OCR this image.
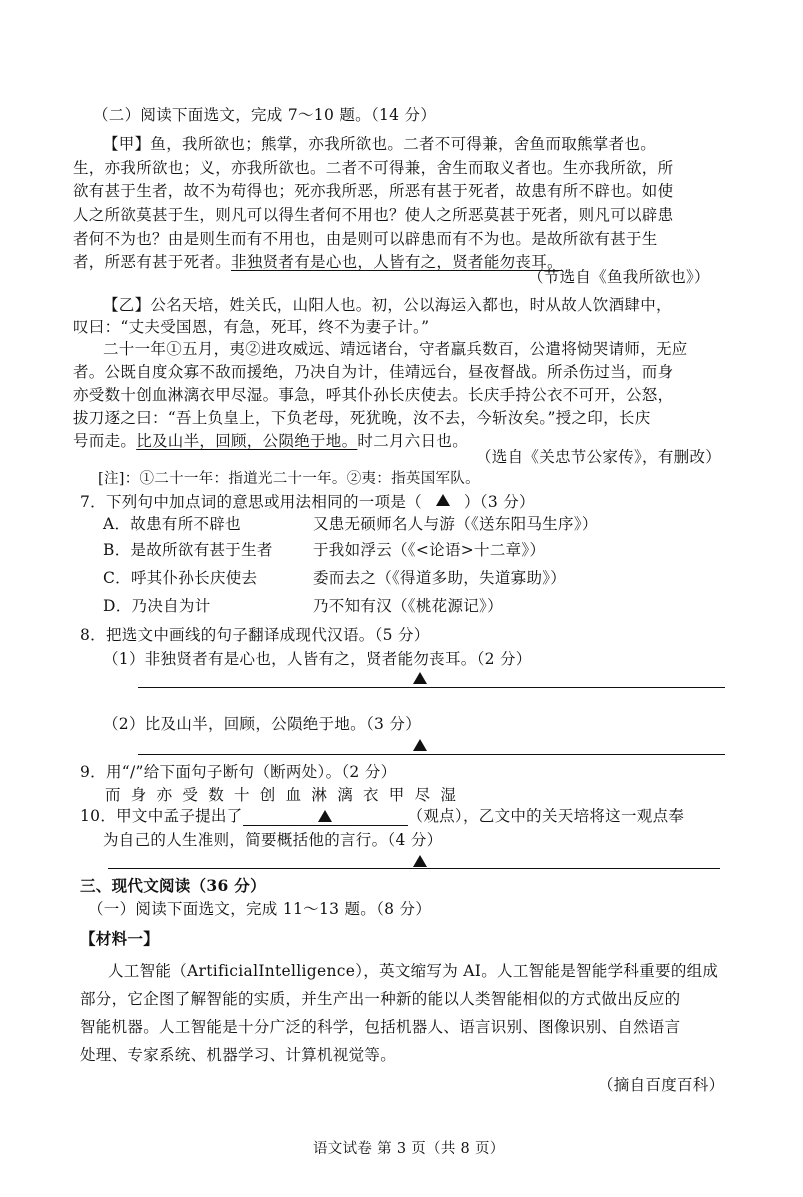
（二）阅读下面选文，完成 7～10 题。（14 分）
【甲】鱼，我所欲也；熊掌，亦我所欲也。二者不可得兼，舍鱼而取熊掌者也。
生，亦我所欲也；义，亦我所欲也。二者不可得兼，舍生而取义者也。生亦我所欲，所
欲有甚于生者，故不为苟得也；死亦我所恶，所恶有甚于死者，故患有所不辟也。如使
人之所欲莫甚于生，则凡可以得生者何不用也？使人之所恶莫甚于死者，则凡可以辟患
者何不为也？由是则生而有不用也，由是则可以辟患而有不为也。是故所欲有甚于生
者，所恶有甚于死者。非独贤者有是心也，人皆有之，贤者能勿丧耳。
（节选自《鱼我所欲也》）
【乙】公名天培，姓关氏，山阳人也。初，公以海运入都也，时从故人饮酒肆中，
叹曰：“丈夫受国恩，有急，死耳，终不为妻子计。”
二十一年①五月，夷②进攻威远、靖远诸台，守者羸兵数百，公遣将恸哭请师，无应
者。公既自度众寡不敌而援绝，乃决自为计，佳靖远台，昼夜督战。所杀伤过当，而身
亦受数十创血淋漓衣甲尽湿。事急，呼其仆孙长庆使去。长庆手持公衣不可开，公怒，
拔刀逐之曰：“吾上负皇上，下负老母，死犹晚，汝不去，今斩汝矣。”授之印，长庆
号而走。比及山半，回顾，公陨绝于地。时二月六日也。
（选自《关忠节公家传》，有删改）
[注]：①二十一年：指道光二十一年。②夷：指英国军队。
7．下列句中加点词的意思或用法相同的一项是（	）（3 分）
A．故患有所不辟也	又患无硕师名人与游（《送东阳马生序》）
B．是故所欲有甚于生者	于我如浮云（《<论语>十二章》）
C．呼其仆孙长庆使去	委而去之（《得道多助，失道寡助》）
D．乃决自为计	乃不知有汉（《桃花源记》）
8．把选文中画线的句子翻译成现代汉语。（5 分）
（1）非独贤者有是心也，人皆有之，贤者能勿丧耳。（2 分）
（2）比及山半，回顾，公陨绝于地。（3 分）
9．用“/”给下面句子断句（断两处）。（2 分）
而 身 亦 受 数 十 创 血 淋 漓 衣 甲 尽 湿
10．甲文中孟子提出了	（观点），乙文中的关天培将这一观点奉
为自己的人生准则，简要概括他的言行。（4 分）
三、现代文阅读（36 分）
（一）阅读下面选文，完成 11～13 题。（8 分）
【材料一】
人工智能（ArtificialIntelligence），英文缩写为 AI。人工智能是智能学科重要的组成
部分，它企图了解智能的实质，并生产出一种新的能以人类智能相似的方式做出反应的
智能机器。人工智能是十分广泛的科学，包括机器人、语言识别、图像识别、自然语言
处理、专家系统、机器学习、计算机视觉等。
（摘自百度百科）
语文试卷 第 3 页（共 8 页）
